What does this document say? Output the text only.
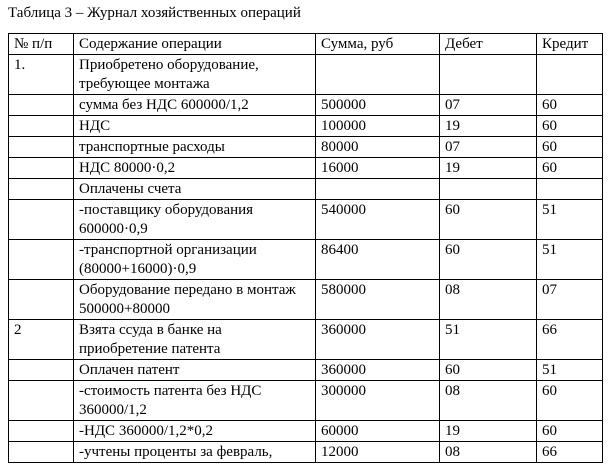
Таблица 3 – Журнал хозяйственных операций
№ п/п	Содержание операции	Сумма, руб	Дебет	Кредит
1.	Приобретено оборудование, требующее монтажа			
	сумма без НДС 600000/1,2	500000	07	60
	НДС	100000	19	60
	транспортные расходы	80000	07	60
	НДС 80000·0,2	16000	19	60
	Оплачены счета			
	-поставщику оборудования 600000·0,9	540000	60	51
	-транспортной организации (80000+16000)·0,9	86400	60	51
	Оборудование передано в монтаж 500000+80000	580000	08	07
2	Взята ссуда в банке на приобретение патента	360000	51	66
	Оплачен патент	360000	60	51
	-стоимость патента без НДС 360000/1,2	300000	08	60
	-НДС 360000/1,2*0,2	60000	19	60
	-учтены проценты за февраль,	12000	08	66
